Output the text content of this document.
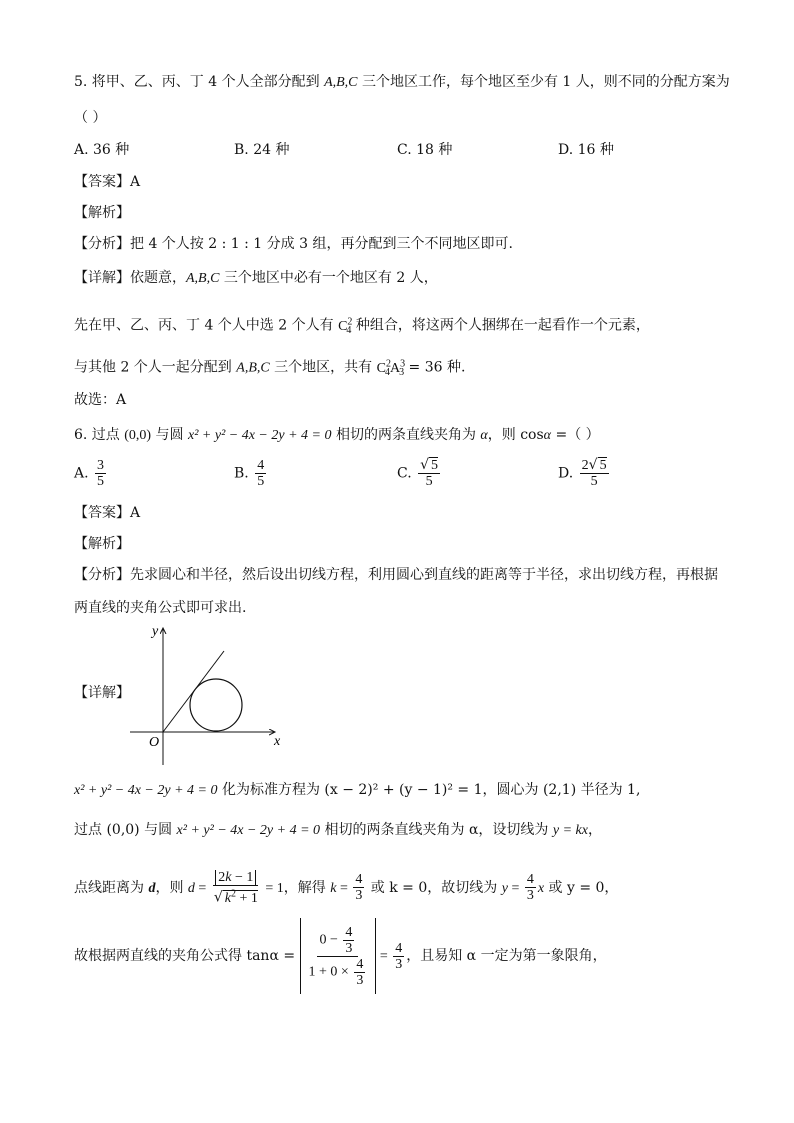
5. 将甲、乙、丙、丁 4 个人全部分配到 A,B,C 三个地区工作，每个地区至少有 1 人，则不同的分配方案为
（ ）
A. 36 种	B. 24 种	C. 18 种	D. 16 种
【答案】A
【解析】
【分析】把 4 个人按 2 : 1 : 1 分成 3 组，再分配到三个不同地区即可.
【详解】依题意，A,B,C 三个地区中必有一个地区有 2 人，
先在甲、乙、丙、丁 4 个人中选 2 个人有 $C^2_4$ 种组合，将这两个人捆绑在一起看作一个元素，
与其他 2 个人一起分配到 A,B,C 三个地区，共有 $C^2_4A^3_3 = 36$ 种.
故选：A
6. 过点 (0,0) 与圆 x² + y² − 4x − 2y + 4 = 0 相切的两条直线夹角为 α，则 cosα =（ ）
A. $\frac{3}{5}$	B. $\frac{4}{5}$	C. $\frac{√ 5}{5}$	D. $\frac{2√ 5}{5}$
【答案】A
【解析】
【分析】先求圆心和半径，然后设出切线方程，利用圆心到直线的距离等于半径，求出切线方程，再根据
两直线的夹角公式即可求出.
【详解】
y
x
O
x² + y² − 4x − 2y + 4 = 0 化为标准方程为 (x − 2)² + (y − 1)² = 1，圆心为 (2,1) 半径为 1,
过点 (0,0) 与圆 x² + y² − 4x − 2y + 4 = 0 相切的两条直线夹角为 α，设切线为 y = kx，
点线距离为 d，则 $d = \frac{2k - 1}{√ k^2 + 1} = 1$，解得 $k = \frac{4}{3}$ 或 k = 0，故切线为 $y = \frac{4}{3}$ x 或 y = 0，
故根据两直线的夹角公式得 $\tan\alpha = \frac{0 - \frac{4}{3}}{1 + 0 \times \frac{4}{3}} = \frac{4}{3}$ ，且易知 α 一定为第一象限角，
